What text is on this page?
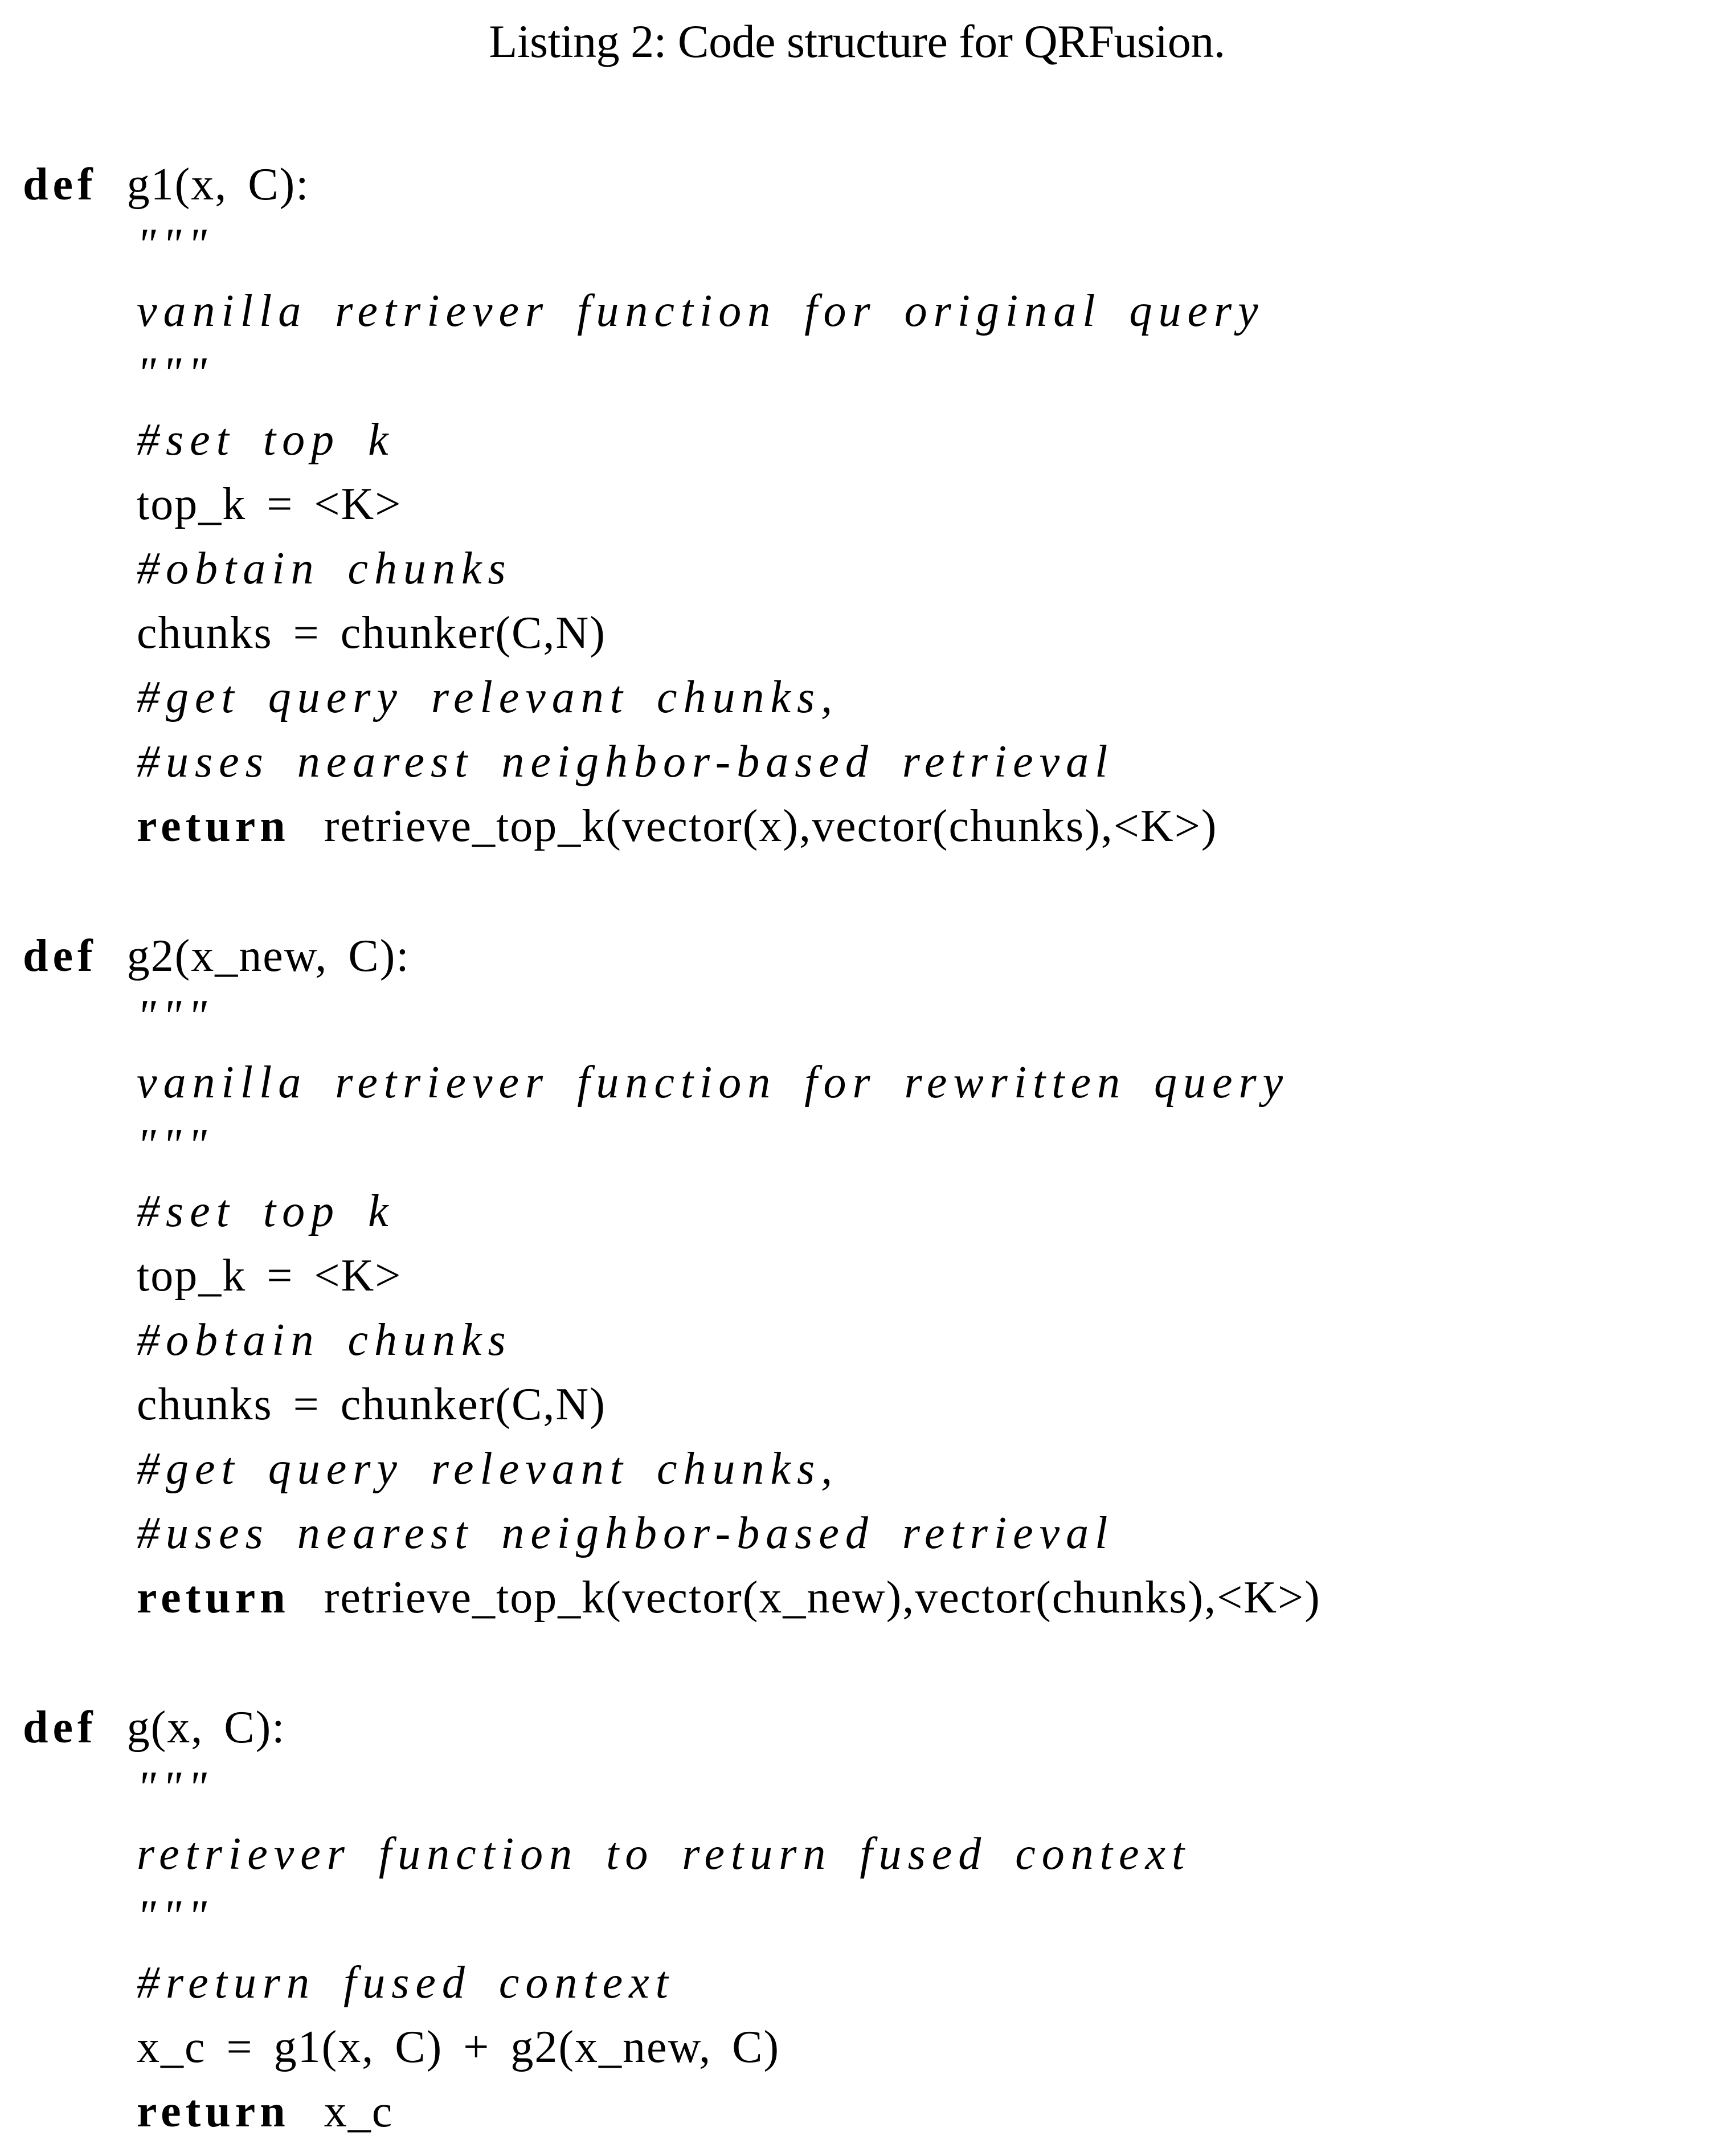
Listing 2: Code structure for QRFusion.
def g1(x, C):
"""
vanilla retriever function for original query
"""
#set top k
top_k = <K>
#obtain chunks
chunks = chunker(C,N)
#get query relevant chunks,
#uses nearest neighbor-based retrieval
return retrieve_top_k(vector(x),vector(chunks),<K>)
def g2(x_new, C):
"""
vanilla retriever function for rewritten query
"""
#set top k
top_k = <K>
#obtain chunks
chunks = chunker(C,N)
#get query relevant chunks,
#uses nearest neighbor-based retrieval
return retrieve_top_k(vector(x_new),vector(chunks),<K>)
def g(x, C):
"""
retriever function to return fused context
"""
#return fused context
x_c = g1(x, C) + g2(x_new, C)
return x_c
